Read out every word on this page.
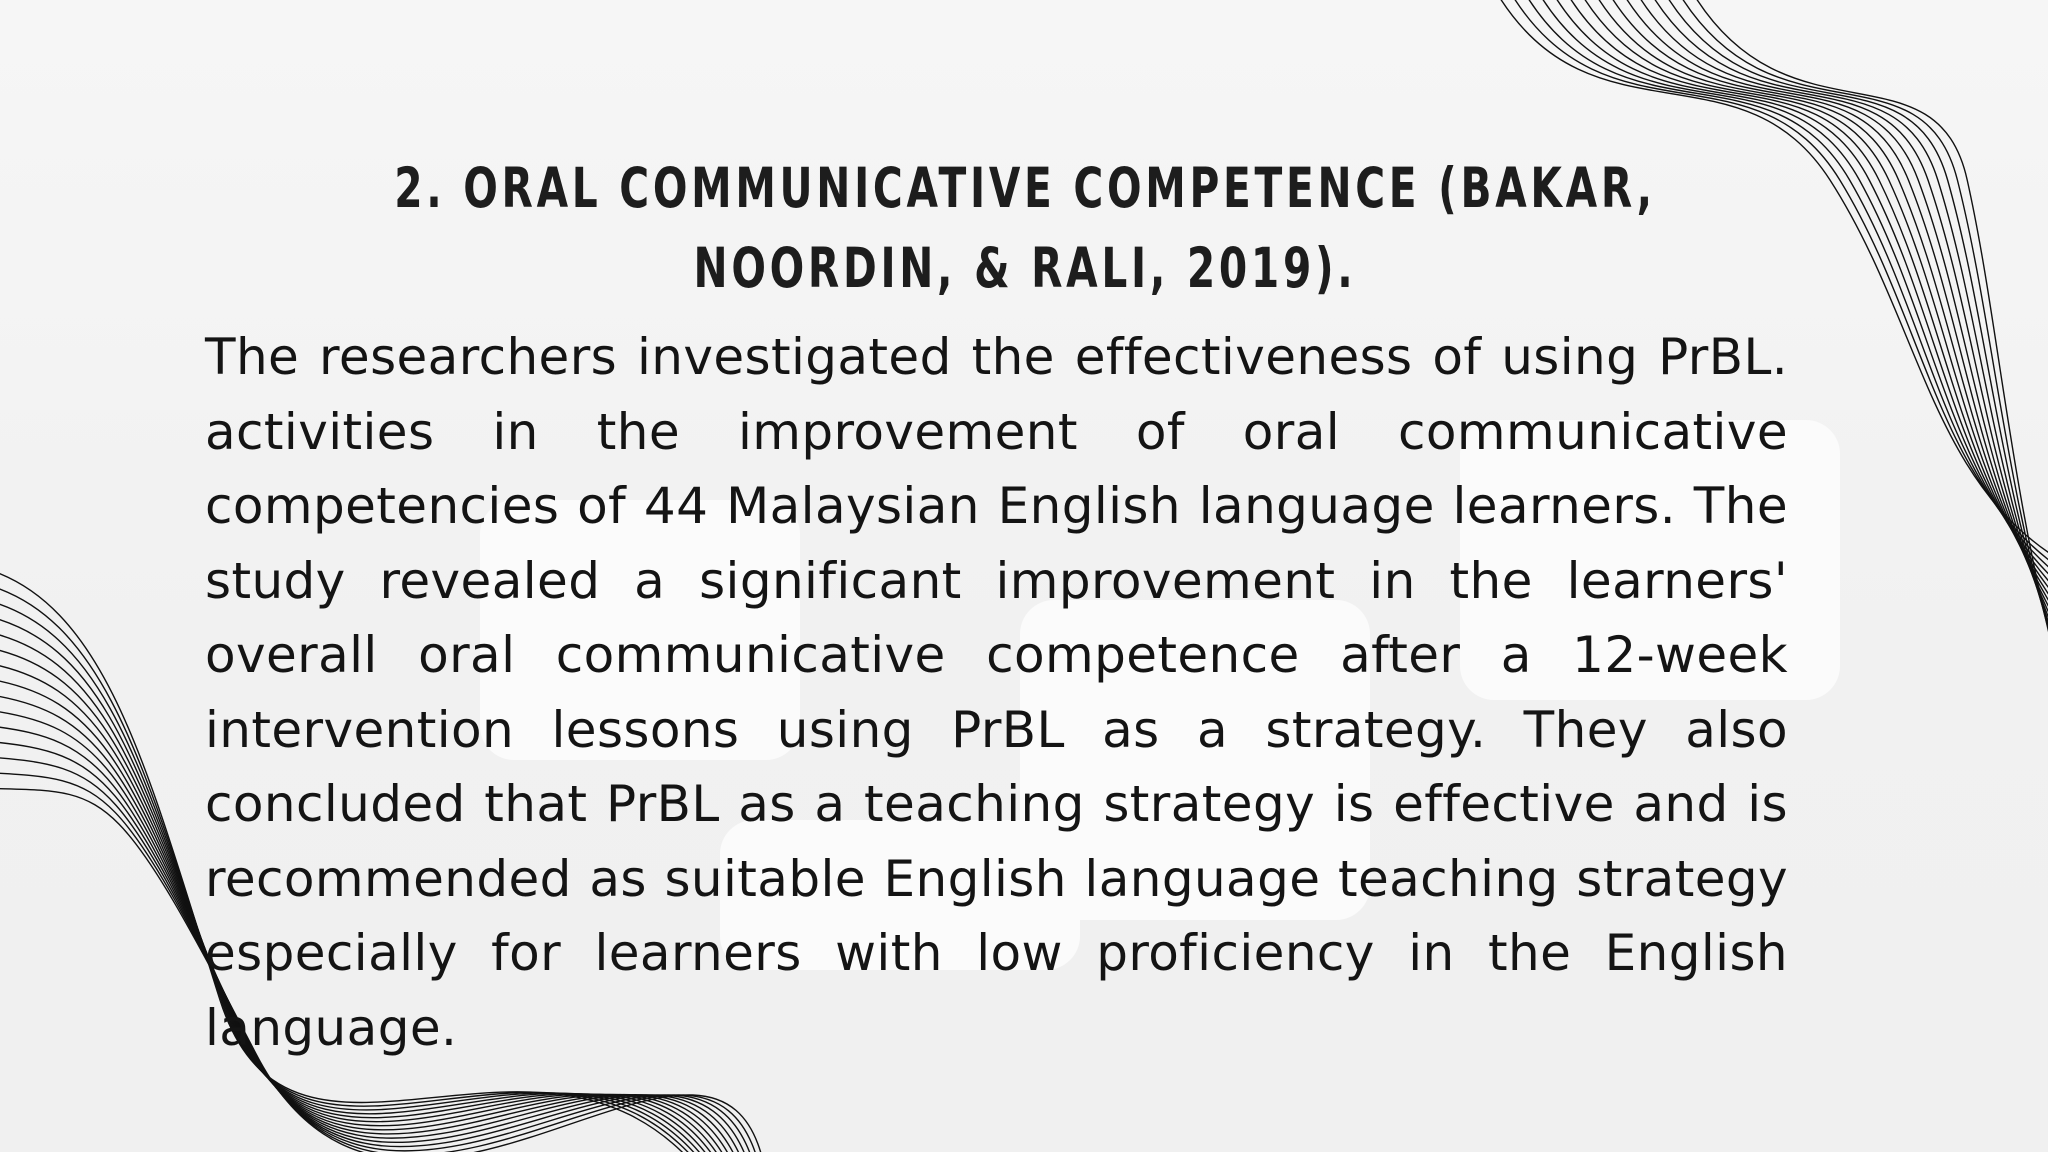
2. ORAL COMMUNICATIVE COMPETENCE (BAKAR, NOORDIN, & RALI, 2019).

The researchers investigated the effectiveness of using PrBL. activities in the improvement of oral communicative competencies of 44 Malaysian English language learners. The study revealed a significant improvement in the learners' overall oral communicative competence after a 12-week intervention lessons using PrBL as a strategy. They also concluded that PrBL as a teaching strategy is effective and is recommended as suitable English language teaching strategy especially for learners with low proficiency in the English language.
